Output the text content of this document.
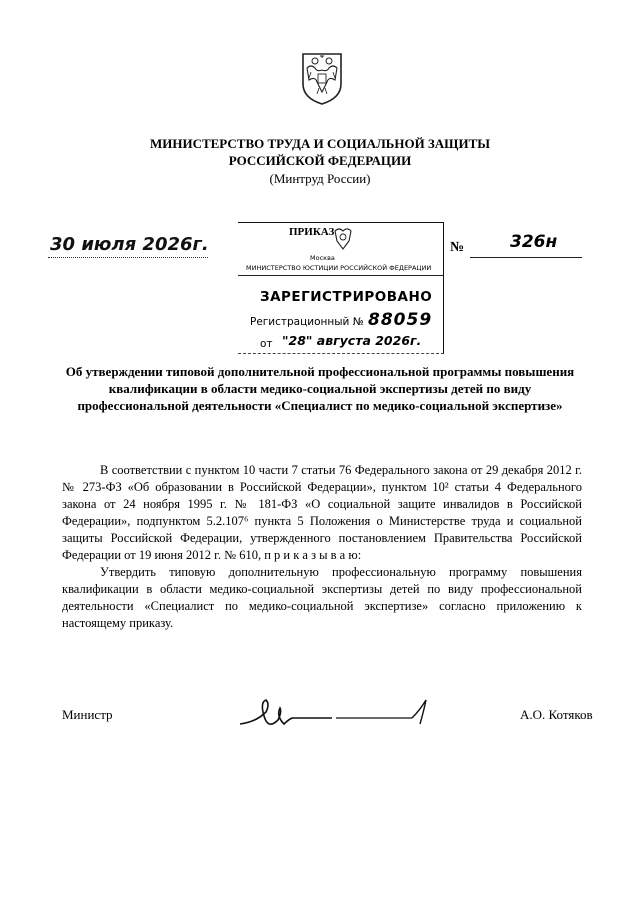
МИНИСТЕРСТВО ТРУДА И СОЦИАЛЬНОЙ ЗАЩИТЫ
РОССИЙСКОЙ ФЕДЕРАЦИИ
(Минтруд России)
30 июля 2026г.	№	326н
ПРИКАЗ
Москва
МИНИСТЕРСТВО ЮСТИЦИИ РОССИЙСКОЙ ФЕДЕРАЦИИ
ЗАРЕГИСТРИРОВАНО
Регистрационный № 88059
от "28" августа 2026г.
Об утверждении типовой дополнительной профессиональной программы повышения квалификации в области медико-социальной экспертизы детей по виду профессиональной деятельности «Специалист по медико-социальной экспертизе»

В соответствии с пунктом 10 части 7 статьи 76 Федерального закона от 29 декабря 2012 г. № 273-ФЗ «Об образовании в Российской Федерации», пунктом 10² статьи 4 Федерального закона от 24 ноября 1995 г. № 181-ФЗ «О социальной защите инвалидов в Российской Федерации», подпунктом 5.2.107⁶ пункта 5 Положения о Министерстве труда и социальной защиты Российской Федерации, утвержденного постановлением Правительства Российской Федерации от 19 июня 2012 г. № 610, п р и к а з ы в а ю:

Утвердить типовую дополнительную профессиональную программу повышения квалификации в области медико-социальной экспертизы детей по виду профессиональной деятельности «Специалист по медико-социальной экспертизе» согласно приложению к настоящему приказу.

Министр	А.О. Котяков
